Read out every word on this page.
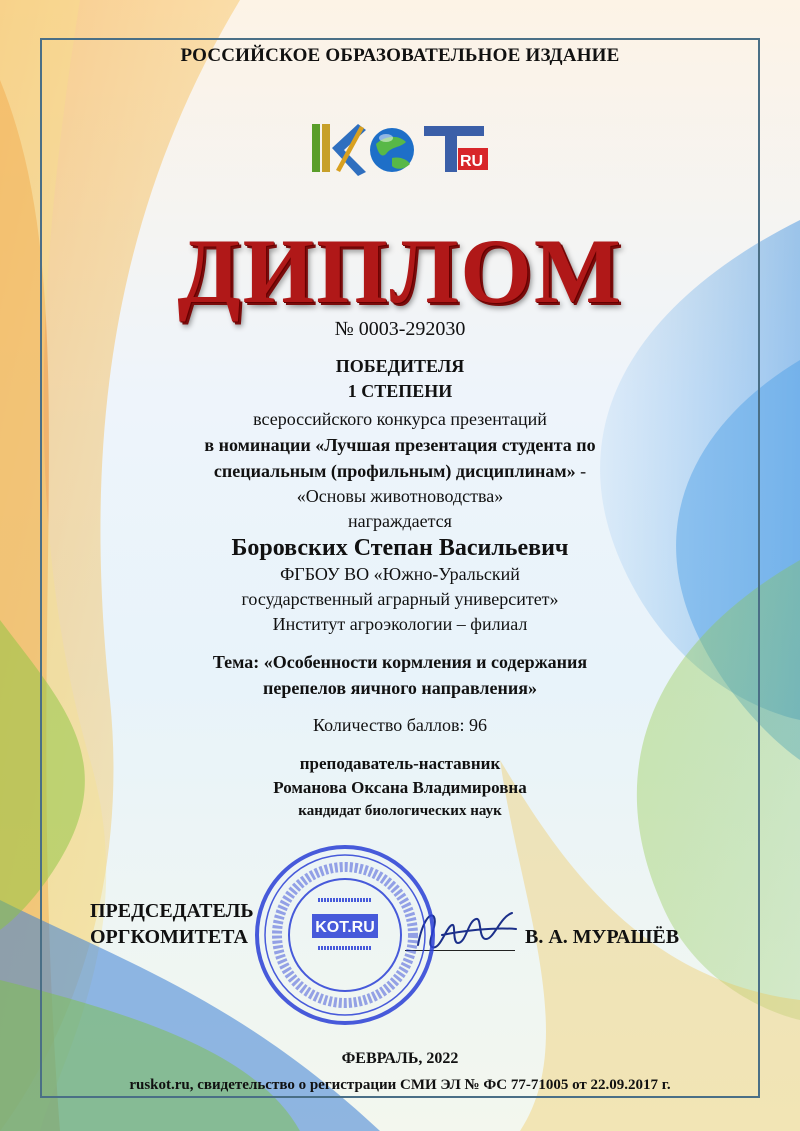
РОССИЙСКОЕ ОБРАЗОВАТЕЛЬНОЕ ИЗДАНИЕ
RU
ДИПЛОМ
№ 0003-292030
ПОБЕДИТЕЛЯ
1 СТЕПЕНИ
всероссийского конкурса презентаций
в номинации «Лучшая презентация студента по
специальным (профильным) дисциплинам» -
«Основы животноводства»
награждается
Боровских Степан Васильевич
ФГБОУ ВО «Южно-Уральский
государственный аграрный университет»
Институт агроэкологии – филиал
Тема: «Особенности кормления и содержания
перепелов яичного направления»
Количество баллов: 96
преподаватель-наставник
Романова Оксана Владимировна
кандидат биологических наук
ПРЕДСЕДАТЕЛЬ
ОРГКОМИТЕТА	KOT.RU	В. А. МУРАШЁВ
ФЕВРАЛЬ, 2022
ruskot.ru, свидетельство о регистрации СМИ ЭЛ № ФС 77-71005 от 22.09.2017 г.
